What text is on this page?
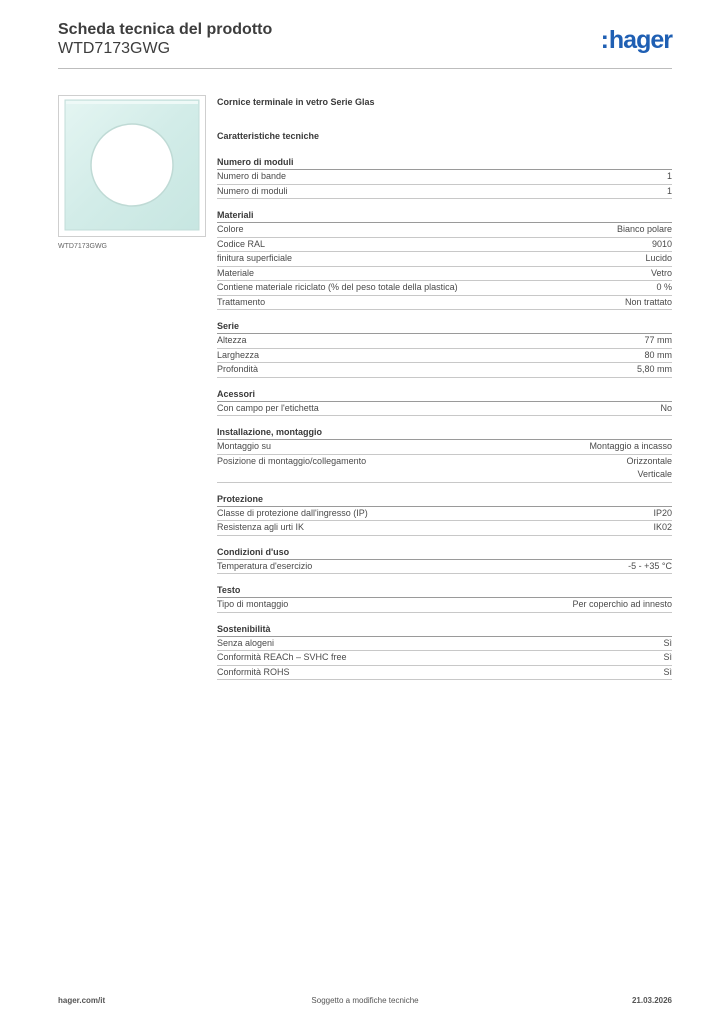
Scheda tecnica del prodotto
WTD7173GWG	:hager
WTD7173GWG
Cornice terminale in vetro Serie Glas
Caratteristiche tecniche
Numero di moduli
Numero di bande	1
Numero di moduli	1
Materiali
Colore	Bianco polare
Codice RAL	9010
finitura superficiale	Lucido
Materiale	Vetro
Contiene materiale riciclato (% del peso totale della plastica)	0 %
Trattamento	Non trattato
Serie
Altezza	77 mm
Larghezza	80 mm
Profondità	5,80 mm
Acessori
Con campo per l'etichetta	No
Installazione, montaggio
Montaggio su	Montaggio a incasso
Posizione di montaggio/collegamento	Orizzontale
Verticale
Protezione
Classe di protezione dall'ingresso (IP)	IP20
Resistenza agli urti IK	IK02
Condizioni d'uso
Temperatura d'esercizio	-5 - +35 °C
Testo
Tipo di montaggio	Per coperchio ad innesto
Sostenibilità
Senza alogeni	Sì
Conformità REACh – SVHC free	Sì
Conformità ROHS	Sì
hager.com/it	Soggetto a modifiche tecniche	21.03.2026
